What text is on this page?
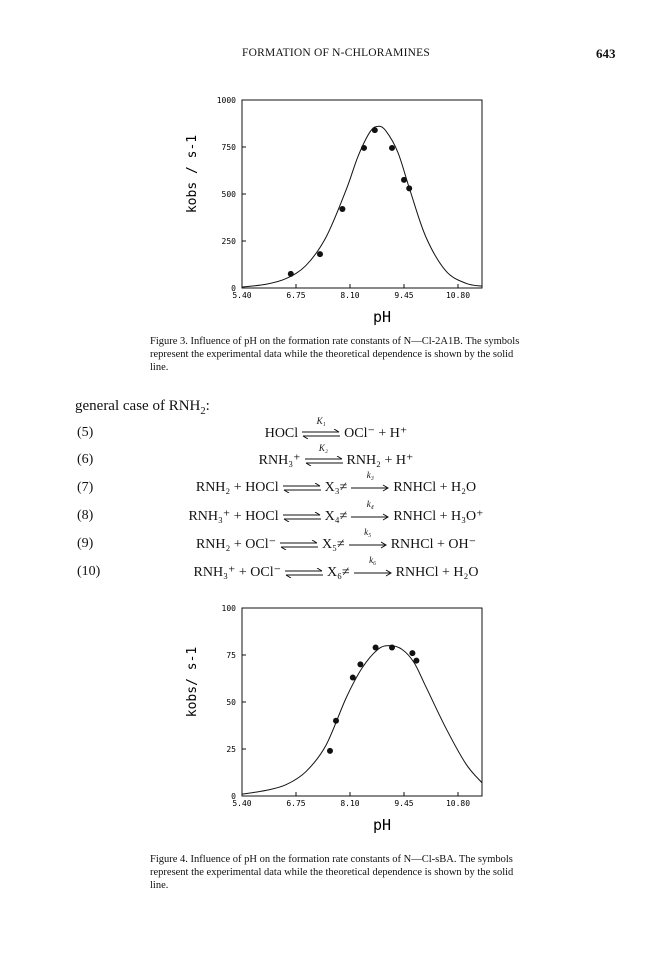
FORMATION OF N-CHLORAMINES	643
0
250
500
750
1000
5.40	6.75	8.10	9.45	10.80
pH
kobs / s-1
Figure 3. Influence of pH on the formation rate constants of N—Cl-2A1B. The symbols represent the experimental data while the theoretical dependence is shown by the solid line.
general case of $RNH_2$:
(5)	HOCl
K₁
OCl⁻ + H⁺
(6)	RNH₃⁺
K₂
RNH₂ + H⁺
(7)	RNH₂ + HOCl ⇌ X₃≠
k₃
RNHCl + H₂O
(8)	RNH₃⁺ + HOCl ⇌ X₄≠
k₄
RNHCl + H₃O⁺
(9)	RNH₂ + OCl⁻ ⇌ X₅≠
k₅
RNHCl + OH⁻
(10)	RNH₃⁺ + OCl⁻ ⇌ X₆≠
k₆
RNHCl + H₂O
0
25
50
75
100
5.40	6.75	8.10	9.45	10.80
pH
kobs/ s-1
Figure 4. Influence of pH on the formation rate constants of N—Cl-sBA. The symbols represent the experimental data while the theoretical dependence is shown by the solid line.
